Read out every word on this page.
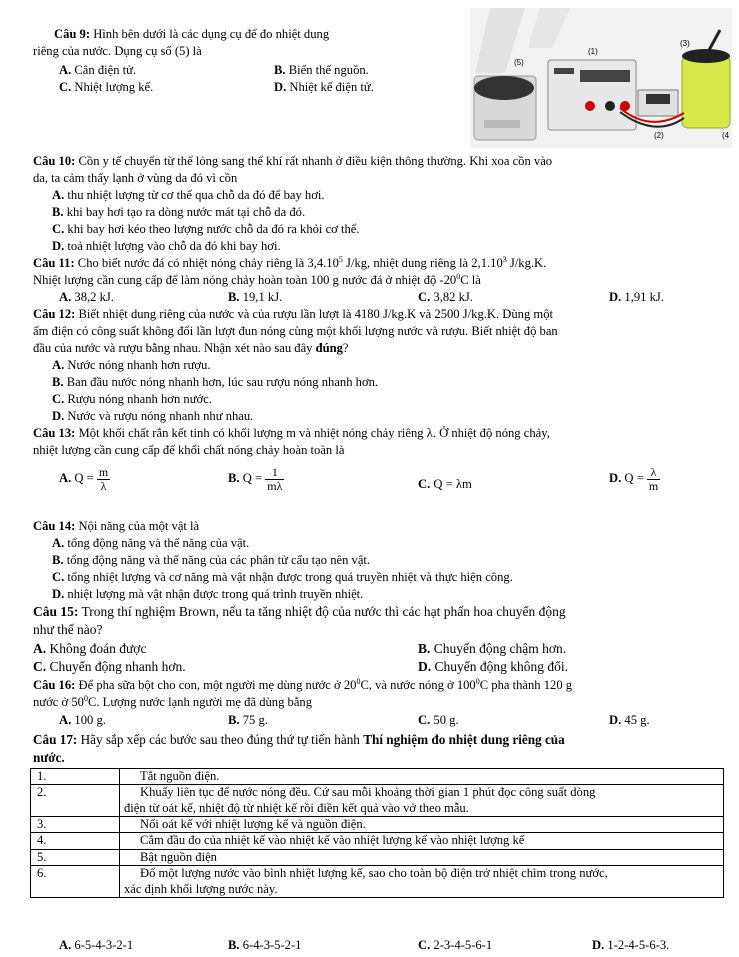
Câu 9: Hình bên dưới là các dụng cụ để đo nhiệt dung
riêng của nước. Dụng cụ số (5) là
A. Cân điện tử.	B. Biến thế nguồn.
C. Nhiệt lượng kế.	D. Nhiệt kế điện tử.
(5)
(1)
(3)
(2)	(4
Câu 10: Cồn y tế chuyển từ thể lỏng sang thể khí rất nhanh ở điều kiện thông thường. Khi xoa cồn vào
da, ta cảm thấy lạnh ở vùng da đó vì cồn
A. thu nhiệt lượng từ cơ thể qua chỗ da đó để bay hơi.
B. khi bay hơi tạo ra dòng nước mát tại chỗ da đó.
C. khi bay hơi kéo theo lượng nước chỗ da đó ra khỏi cơ thể.
D. toả nhiệt lượng vào chỗ da đó khi bay hơi.
Câu 11: Cho biết nước đá có nhiệt nóng chảy riêng là 3,4.10$^5$ J/kg, nhiệt dung riêng là 2,1.10$^3$ J/kg.K.
Nhiệt lượng cần cung cấp để làm nóng chảy hoàn toàn 100 g nước đá ở nhiệt độ $-20^0C$ là
A. 38,2 kJ.	B. 19,1 kJ.	C. 3,82 kJ.	D. 1,91 kJ.
Câu 12: Biết nhiệt dung riêng của nước và của rượu lần lượt là 4180 J/kg.K và 2500 J/kg.K. Dùng một
ấm điện có công suất không đổi lần lượt đun nóng cùng một khối lượng nước và rượu. Biết nhiệt độ ban
đầu của nước và rượu bằng nhau. Nhận xét nào sau đây đúng?
A. Nước nóng nhanh hơn rượu.
B. Ban đầu nước nóng nhanh hơn, lúc sau rượu nóng nhanh hơn.
C. Rượu nóng nhanh hơn nước.
D. Nước và rượu nóng nhanh như nhau.
Câu 13: Một khối chất rắn kết tinh có khối lượng m và nhiệt nóng chảy riêng λ. Ở nhiệt độ nóng chảy,
nhiệt lượng cần cung cấp để khối chất nóng chảy hoàn toàn là
A. $Q = \frac{m}{\lambda}$	B. $Q = \frac{1}{m\lambda}$	C. Q = λm	D. $Q = \frac{\lambda}{m}$
Câu 14: Nội năng của một vật là
A. tổng động năng và thế năng của vật.
B. tổng động năng và thế năng của các phân tử cấu tạo nên vật.
C. tổng nhiệt lượng và cơ năng mà vật nhận được trong quá truyền nhiệt và thực hiện công.
D. nhiệt lượng mà vật nhận được trong quá trình truyền nhiệt.
Câu 15: Trong thí nghiệm Brown, nếu ta tăng nhiệt độ của nước thì các hạt phấn hoa chuyển động
như thế nào?
A. Không đoán được	B. Chuyển động chậm hơn.
C. Chuyển động nhanh hơn.	D. Chuyển động không đổi.
Câu 16: Để pha sữa bột cho con, một người mẹ dùng nước ở $20^0C$, và nước nóng ở $100^0C$ pha thành 120 g
nước ở $50^0C$. Lượng nước lạnh người mẹ đã dùng bằng
A. 100 g.	B. 75 g.	C. 50 g.	D. 45 g.
Câu 17: Hãy sắp xếp các bước sau theo đúng thứ tự tiến hành Thí nghiệm đo nhiệt dung riêng của
nước.
1.	Tắt nguồn điện.
2.	Khuấy liên tục để nước nóng đều. Cứ sau mỗi khoảng thời gian 1 phút đọc công suất dòng
điện từ oát kế, nhiệt độ từ nhiệt kế rồi điền kết quả vào vở theo mẫu.

3.	Nối oát kế với nhiệt lượng kế và nguồn điện.
4.	Cắm đầu đo của nhiệt kế vào nhiệt kế vào nhiệt lượng kế vào nhiệt lượng kế
5.	Bật nguồn điện
6.	Đổ một lượng nước vào bình nhiệt lượng kế, sao cho toàn bộ điện trở nhiệt chìm trong nước,
xác định khối lượng nước này.
A. 6-5-4-3-2-1	B. 6-4-3-5-2-1	C. 2-3-4-5-6-1	D. 1-2-4-5-6-3.
